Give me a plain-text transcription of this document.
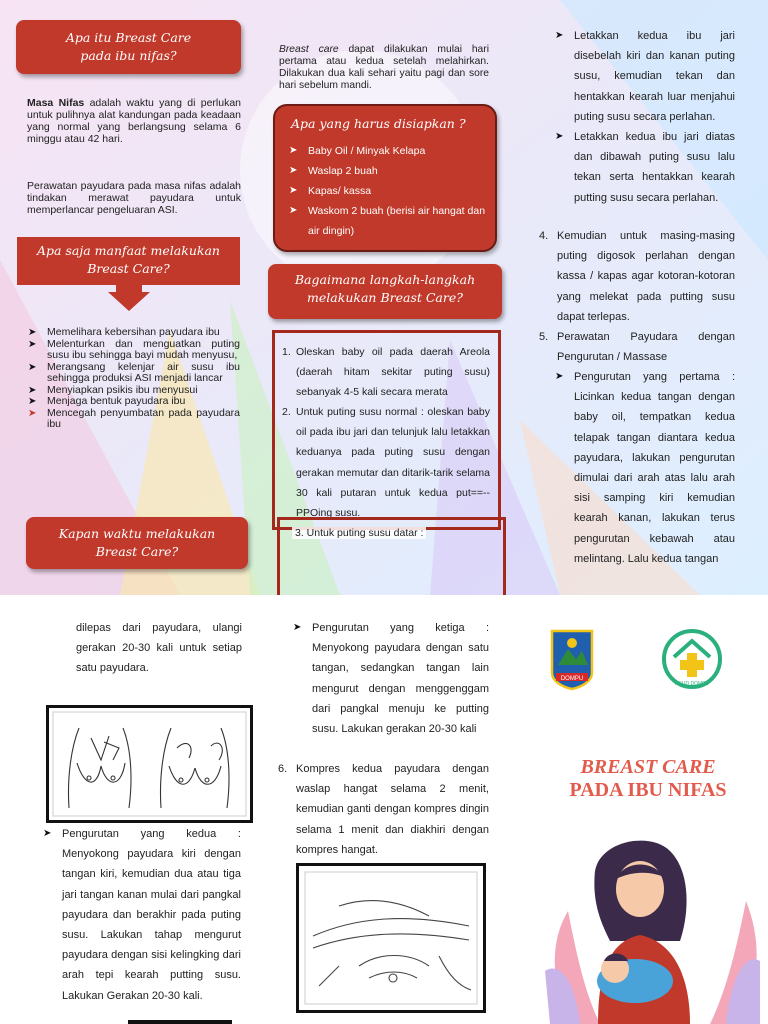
Apa itu Breast Care
pada ibu nifas?
Masa Nifas adalah waktu yang di perlukan untuk pulihnya alat kandungan pada keadaan yang normal yang berlangsung selama 6 minggu atau 42 hari.
Perawatan payudara pada masa nifas adalah tindakan merawat payudara untuk memperlancar pengeluaran ASI.
Apa saja manfaat melakukan
Breast Care?
➤ Memelihara kebersihan payudara ibu
➤ Melenturkan dan menguatkan puting susu ibu sehingga bayi mudah menyusu,
➤ Merangsang kelenjar air susu ibu sehingga produksi ASI menjadi lancar
➤ Menyiapkan psikis ibu menyusui
➤ Menjaga bentuk payudara ibu
➤ Mencegah penyumbatan pada payudara ibu
Kapan waktu melakukan
Breast Care?
Breast care dapat dilakukan mulai hari pertama atau kedua setelah melahirkan. Dilakukan dua kali sehari yaitu pagi dan sore hari sebelum mandi.
Apa yang harus disiapkan ?
➤ Baby Oil / Minyak Kelapa
➤ Waslap 2 buah
➤ Kapas/ kassa
➤ Waskom 2 buah (berisi air hangat dan air dingin)
Bagaimana langkah-langkah
melakukan Breast Care?
1. Oleskan baby oil pada daerah Areola (daerah hitam sekitar puting susu) sebanyak 4-5 kali secara merata
2. Untuk puting susu normal : oleskan baby oil pada ibu jari dan telunjuk lalu letakkan keduanya pada puting susu dengan gerakan memutar dan ditarik-tarik selama 30 kali putaran untuk kedua put==--PPOing susu.
3. Untuk puting susu datar :
➤ Letakkan kedua ibu jari disebelah kiri dan kanan puting susu, kemudian tekan dan hentakkan kearah luar menjahui puting susu secara perlahan.
➤ Letakkan kedua ibu jari diatas dan dibawah puting susu lalu tekan serta hentakkan kearah putting susu secara perlahan.
4. Kemudian untuk masing-masing puting digosok perlahan dengan kassa / kapas agar kotoran-kotoran yang melekat pada putting susu dapat terlepas.
5. Perawatan Payudara dengan Pengurutan / Massase
➤ Pengurutan yang pertama : Licinkan kedua tangan dengan baby oil, tempatkan kedua telapak tangan diantara kedua payudara, lakukan pengurutan dimulai dari arah atas lalu arah sisi samping kiri kemudian kearah kanan, lakukan terus pengurutan kebawah atau melintang. Lalu kedua tangan
dilepas dari payudara, ulangi gerakan 20-30 kali untuk setiap satu payudara.
➤ Pengurutan yang kedua : Menyokong payudara kiri dengan tangan kiri, kemudian dua atau tiga jari tangan kanan mulai dari pangkal payudara dan berakhir pada puting susu. Lakukan tahap mengurut payudara dengan sisi kelingking dari arah tepi kearah putting susu. Lakukan Gerakan 20-30 kali.
➤ Pengurutan yang ketiga : Menyokong payudara dengan satu tangan, sedangkan tangan lain mengurut dengan menggenggam dari pangkal menuju ke putting susu. Lakukan gerakan 20-30 kali
6. Kompres kedua payudara dengan waslap hangat selama 2 menit, kemudian ganti dengan kompres dingin selama 1 menit dan diakhiri dengan kompres hangat.
DOMPU
RSUD DOMPU
BREAST CARE
PADA IBU NIFAS
